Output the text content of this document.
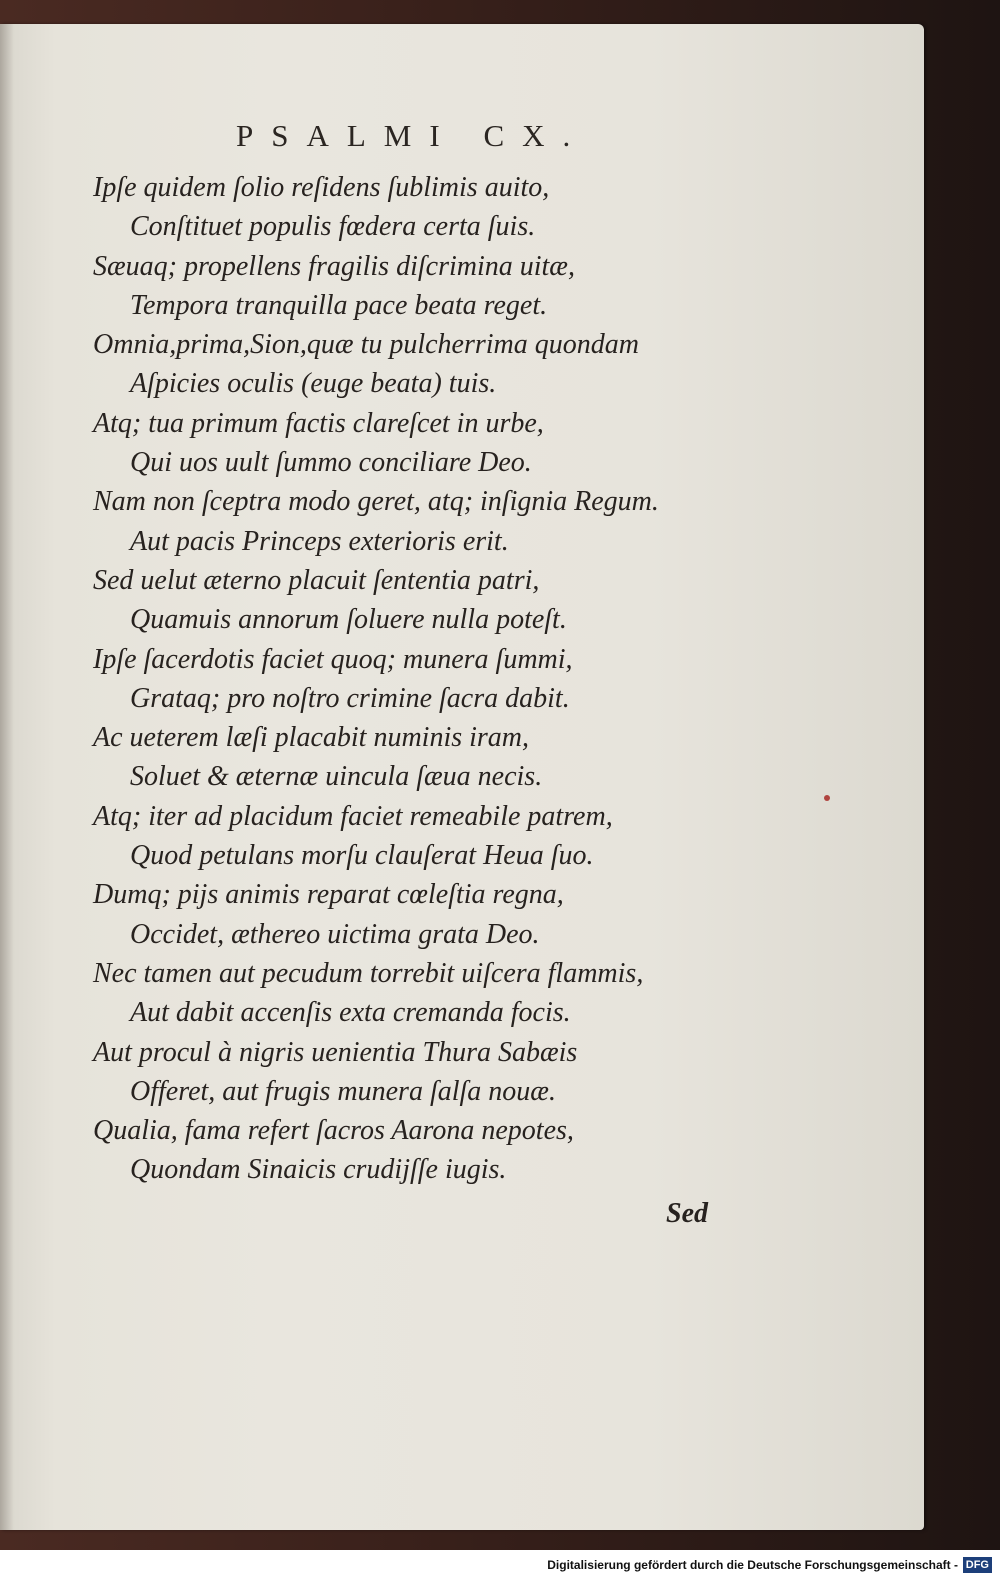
PSALMI CX.
Ipſe quidem ſolio reſidens ſublimis auito,
Conſtituet populis fœdera certa ſuis.
Sæuaq; propellens fragilis diſcrimina uitæ,
Tempora tranquilla pace beata reget.
Omnia,prima,Sion,quæ tu pulcherrima quondam
Aſpicies oculis (euge beata) tuis.
Atq; tua primum factis clareſcet in urbe,
Qui uos uult ſummo conciliare Deo.
Nam non ſceptra modo geret, atq; inſignia Regum.
Aut pacis Princeps exterioris erit.
Sed uelut æterno placuit ſententia patri,
Quamuis annorum ſoluere nulla poteſt.
Ipſe ſacerdotis faciet quoq; munera ſummi,
Grataq; pro noſtro crimine ſacra dabit.
Ac ueterem læſi placabit numinis iram,
Soluet & æternæ uincula ſæua necis.
Atq; iter ad placidum faciet remeabile patrem,
Quod petulans morſu clauſerat Heua ſuo.
Dumq; pijs animis reparat cœleſtia regna,
Occidet, æthereo uictima grata Deo.
Nec tamen aut pecudum torrebit uiſcera flammis,
Aut dabit accenſis exta cremanda focis.
Aut procul à nigris uenientia Thura Sabæis
Offeret, aut frugis munera ſalſa nouæ.
Qualia, fama refert ſacros Aarona nepotes,
Quondam Sinaicis crudijſſe iugis.
Sed
Digitalisierung gefördert durch die Deutsche Forschungsgemeinschaft - DFG
